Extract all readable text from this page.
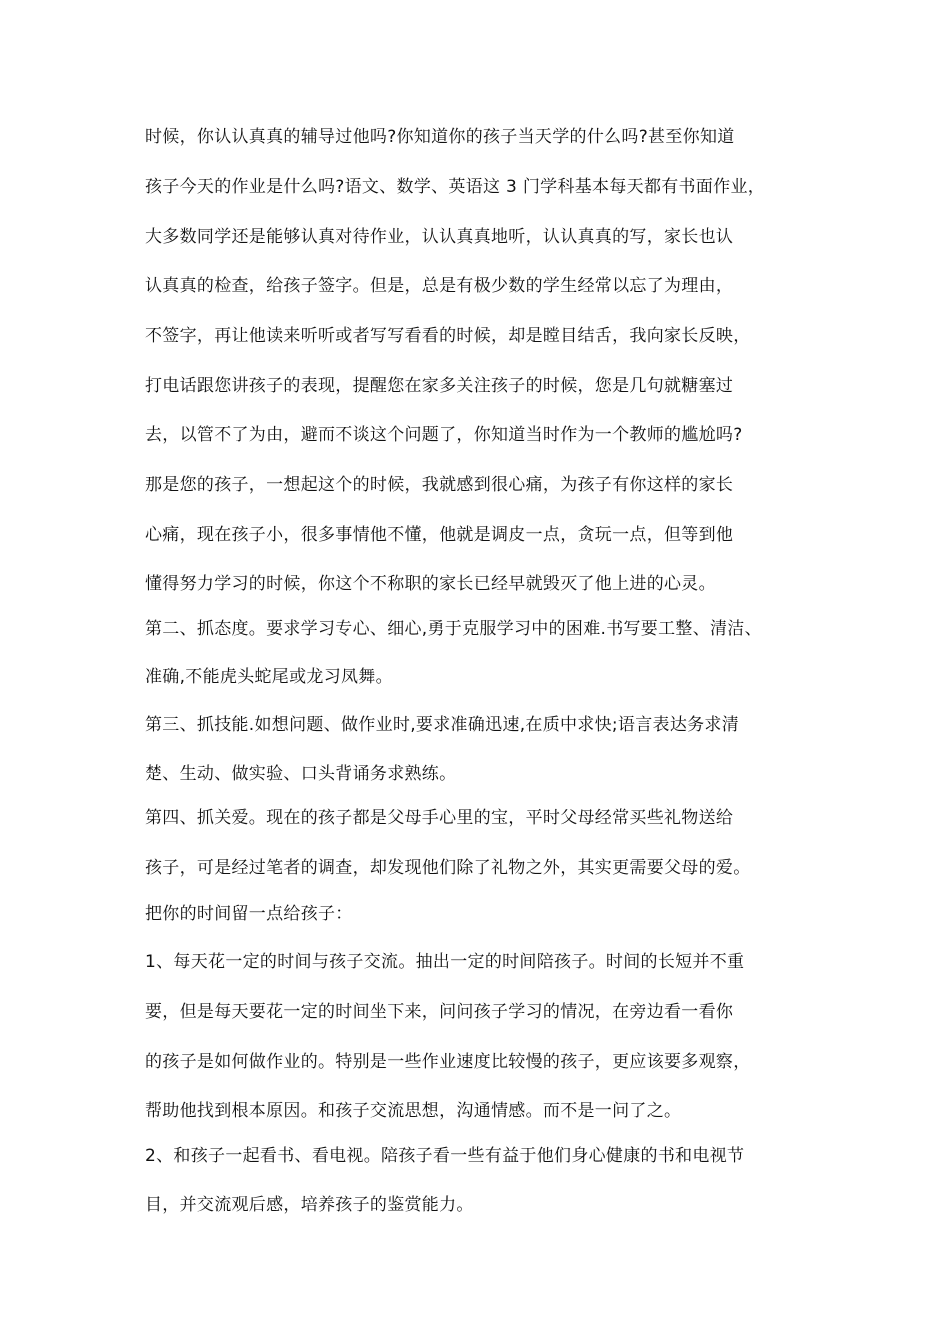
时候，你认认真真的辅导过他吗?你知道你的孩子当天学的什么吗?甚至你知道
孩子今天的作业是什么吗?语文、数学、英语这 3 门学科基本每天都有书面作业，
大多数同学还是能够认真对待作业，认认真真地听，认认真真的写，家长也认
认真真的检查，给孩子签字。但是，总是有极少数的学生经常以忘了为理由，
不签字，再让他读来听听或者写写看看的时候，却是瞠目结舌，我向家长反映，
打电话跟您讲孩子的表现，提醒您在家多关注孩子的时候，您是几句就糖塞过
去，以管不了为由，避而不谈这个问题了，你知道当时作为一个教师的尴尬吗?
那是您的孩子，一想起这个的时候，我就感到很心痛，为孩子有你这样的家长
心痛，现在孩子小，很多事情他不懂，他就是调皮一点，贪玩一点，但等到他
懂得努力学习的时候，你这个不称职的家长已经早就毁灭了他上进的心灵。
第二、抓态度。要求学习专心、细心,勇于克服学习中的困难.书写要工整、清洁、
准确,不能虎头蛇尾或龙习凤舞。
第三、抓技能.如想问题、做作业时,要求准确迅速,在质中求快;语言表达务求清
楚、生动、做实验、口头背诵务求熟练。
第四、抓关爱。现在的孩子都是父母手心里的宝，平时父母经常买些礼物送给
孩子，可是经过笔者的调查，却发现他们除了礼物之外，其实更需要父母的爱。
把你的时间留一点给孩子：
1、每天花一定的时间与孩子交流。抽出一定的时间陪孩子。时间的长短并不重
要，但是每天要花一定的时间坐下来，问问孩子学习的情况，在旁边看一看你
的孩子是如何做作业的。特别是一些作业速度比较慢的孩子，更应该要多观察，
帮助他找到根本原因。和孩子交流思想，沟通情感。而不是一问了之。
2、和孩子一起看书、看电视。陪孩子看一些有益于他们身心健康的书和电视节
目，并交流观后感，培养孩子的鉴赏能力。
